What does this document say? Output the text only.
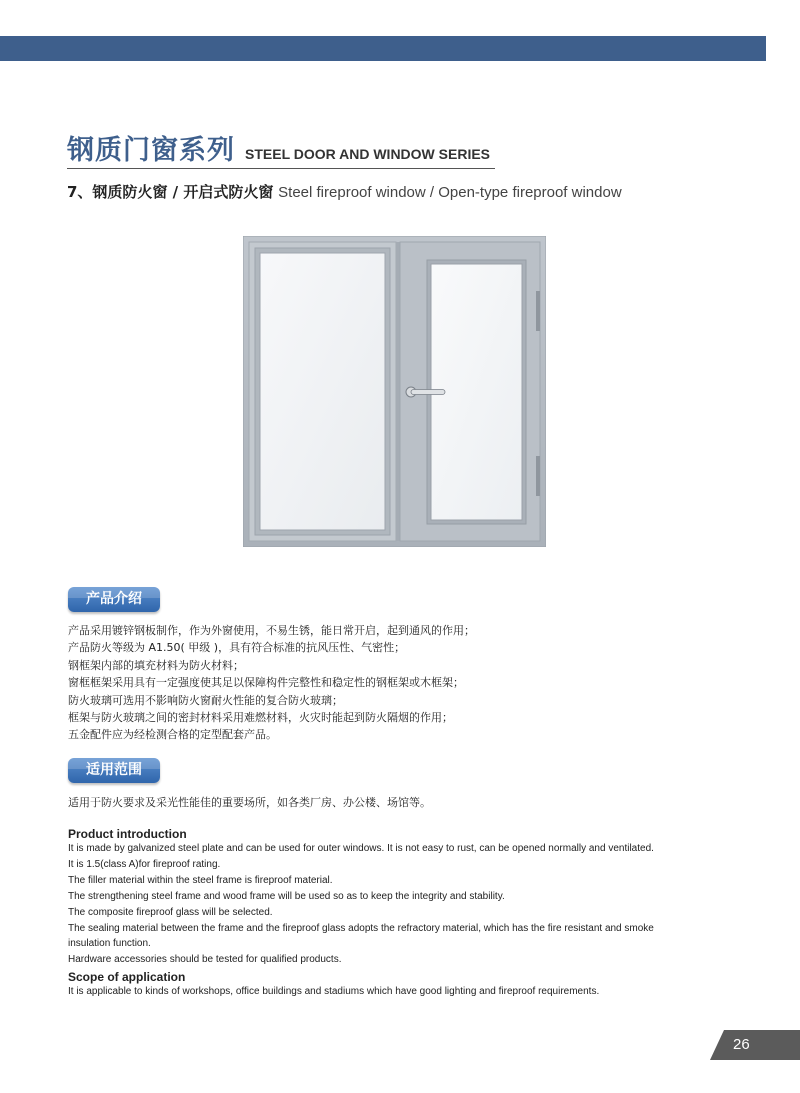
钢质门窗系列 STEEL DOOR AND WINDOW SERIES
7、钢质防火窗 / 开启式防火窗 Steel fireproof window / Open-type fireproof window
产品介绍
产品采用镀锌钢板制作，作为外窗使用，不易生锈，能日常开启，起到通风的作用；
产品防火等级为 A1.50( 甲级 )，具有符合标准的抗风压性、气密性；
钢框架内部的填充材料为防火材料；
窗框框架采用具有一定强度使其足以保障构件完整性和稳定性的钢框架或木框架；
防火玻璃可选用不影响防火窗耐火性能的复合防火玻璃；
框架与防火玻璃之间的密封材料采用难燃材料，火灾时能起到防火隔烟的作用；
五金配件应为经检测合格的定型配套产品。
适用范围
适用于防火要求及采光性能佳的重要场所，如各类厂房、办公楼、场馆等。

Product introduction

It is made by galvanized steel plate and can be used for outer windows. It is not easy to rust, can be opened normally and ventilated.
It is 1.5(class A)for fireproof rating.
The filler material within the steel frame is fireproof material.
The strengthening steel frame and wood frame will be used so as to keep the integrity and stability.
The composite fireproof glass will be selected.
The sealing material between the frame and the fireproof glass adopts the refractory material, which has the fire resistant and smoke
insulation function.
Hardware accessories should be tested for qualified products.

Scope of application

It is applicable to kinds of workshops, office buildings and stadiums which have good lighting and fireproof requirements.
26
